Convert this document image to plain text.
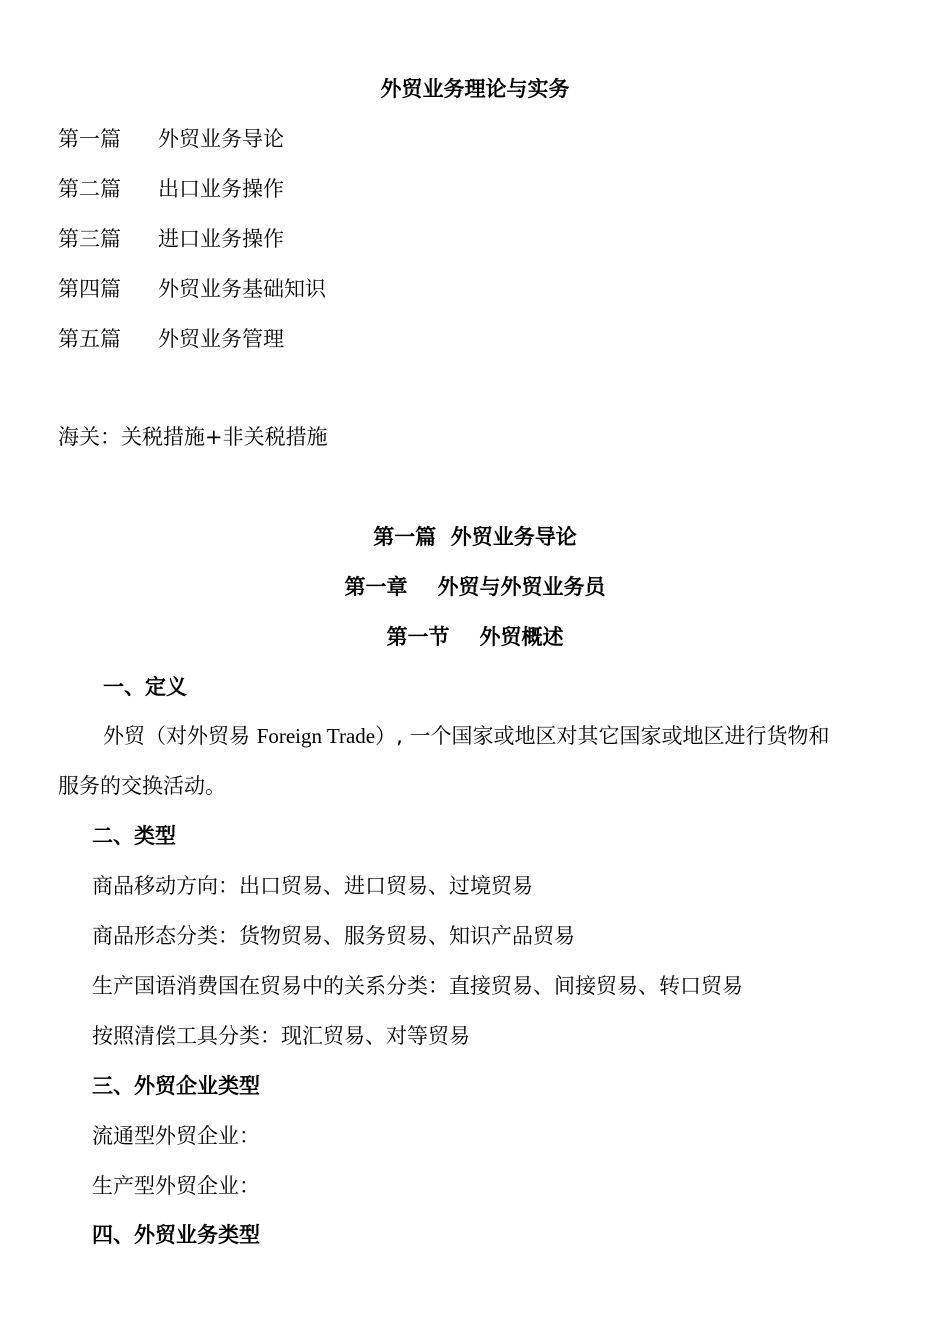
外贸业务理论与实务
第一篇 外贸业务导论
第二篇 出口业务操作
第三篇 进口业务操作
第四篇 外贸业务基础知识
第五篇 外贸业务管理
海关：关税措施+非关税措施
第一篇  外贸业务导论
第一章 外贸与外贸业务员
第一节 外贸概述
一、定义
外贸（对外贸易 Foreign Trade）, 一个国家或地区对其它国家或地区进行货物和
服务的交换活动。
二、类型
商品移动方向：出口贸易、进口贸易、过境贸易
商品形态分类：货物贸易、服务贸易、知识产品贸易
生产国语消费国在贸易中的关系分类：直接贸易、间接贸易、转口贸易
按照清偿工具分类：现汇贸易、对等贸易
三、外贸企业类型
流通型外贸企业：
生产型外贸企业：
四、外贸业务类型
